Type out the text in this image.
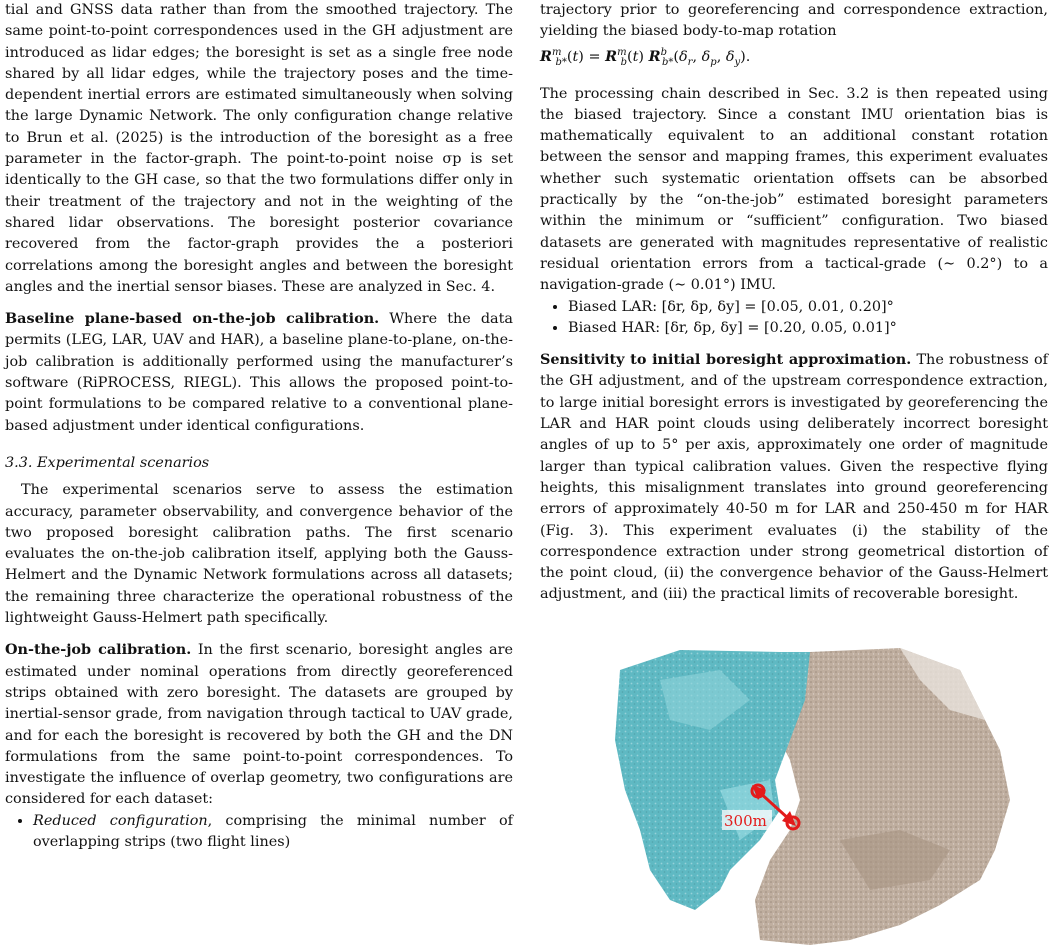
tial and GNSS data rather than from the smoothed trajectory. The same point-to-point correspondences used in the GH adjustment are introduced as lidar edges; the boresight is set as a single free node shared by all lidar edges, while the trajectory poses and the time-dependent inertial errors are estimated simultaneously when solving the large Dynamic Network. The only configuration change relative to Brun et al. (2025) is the introduction of the boresight as a free parameter in the factor-graph. The point-to-point noise σp is set identically to the GH case, so that the two formulations differ only in their treatment of the trajectory and not in the weighting of the shared lidar observations. The boresight posterior covariance recovered from the factor-graph provides the a posteriori correlations among the boresight angles and between the boresight angles and the inertial sensor biases. These are analyzed in Sec. 4.

Baseline plane-based on-the-job calibration. Where the data permits (LEG, LAR, UAV and HAR), a baseline plane-to-plane, on-the-job calibration is additionally performed using the manufacturer’s software (RiPROCESS, RIEGL). This allows the proposed point-to-point formulations to be compared relative to a conventional plane-based adjustment under identical configurations.

3.3. Experimental scenarios

The experimental scenarios serve to assess the estimation accuracy, parameter observability, and convergence behavior of the two proposed boresight calibration paths. The first scenario evaluates the on-the-job calibration itself, applying both the Gauss-Helmert and the Dynamic Network formulations across all datasets; the remaining three characterize the operational robustness of the lightweight Gauss-Helmert path specifically.

On-the-job calibration. In the first scenario, boresight angles are estimated under nominal operations from directly georeferenced strips obtained with zero boresight. The datasets are grouped by inertial-sensor grade, from navigation through tactical to UAV grade, and for each the boresight is recovered by both the GH and the DN formulations from the same point-to-point correspondences. To investigate the influence of overlap geometry, two configurations are considered for each dataset:

• Reduced configuration, comprising the minimal number of overlapping strips (two flight lines)

trajectory prior to georeferencing and correspondence extraction, yielding the biased body-to-map rotation
$R^m_{b*}(t) = R^m_b(t)$ $R^b_{b*}(\delta_r$, $\delta_p$, $\delta_y$).

The processing chain described in Sec. 3.2 is then repeated using the biased trajectory. Since a constant IMU orientation bias is mathematically equivalent to an additional constant rotation between the sensor and mapping frames, this experiment evaluates whether such systematic orientation offsets can be absorbed practically by the “on-the-job” estimated boresight parameters within the minimum or “sufficient” configuration. Two biased datasets are generated with magnitudes representative of realistic residual orientation errors from a tactical-grade (∼ 0.2°) to a navigation-grade (∼ 0.01°) IMU.

• Biased LAR: [δr, δp, δy] = [0.05, 0.01, 0.20]°
• Biased HAR: [δr, δp, δy] = [0.20, 0.05, 0.01]°

Sensitivity to initial boresight approximation. The robustness of the GH adjustment, and of the upstream correspondence extraction, to large initial boresight errors is investigated by georeferencing the LAR and HAR point clouds using deliberately incorrect boresight angles of up to 5° per axis, approximately one order of magnitude larger than typical calibration values. Given the respective flying heights, this misalignment translates into ground georeferencing errors of approximately 40-50 m for LAR and 250-450 m for HAR (Fig. 3). This experiment evaluates (i) the stability of the correspondence extraction under strong geometrical distortion of the point cloud, (ii) the convergence behavior of the Gauss-Helmert adjustment, and (iii) the practical limits of recoverable boresight.

300m
